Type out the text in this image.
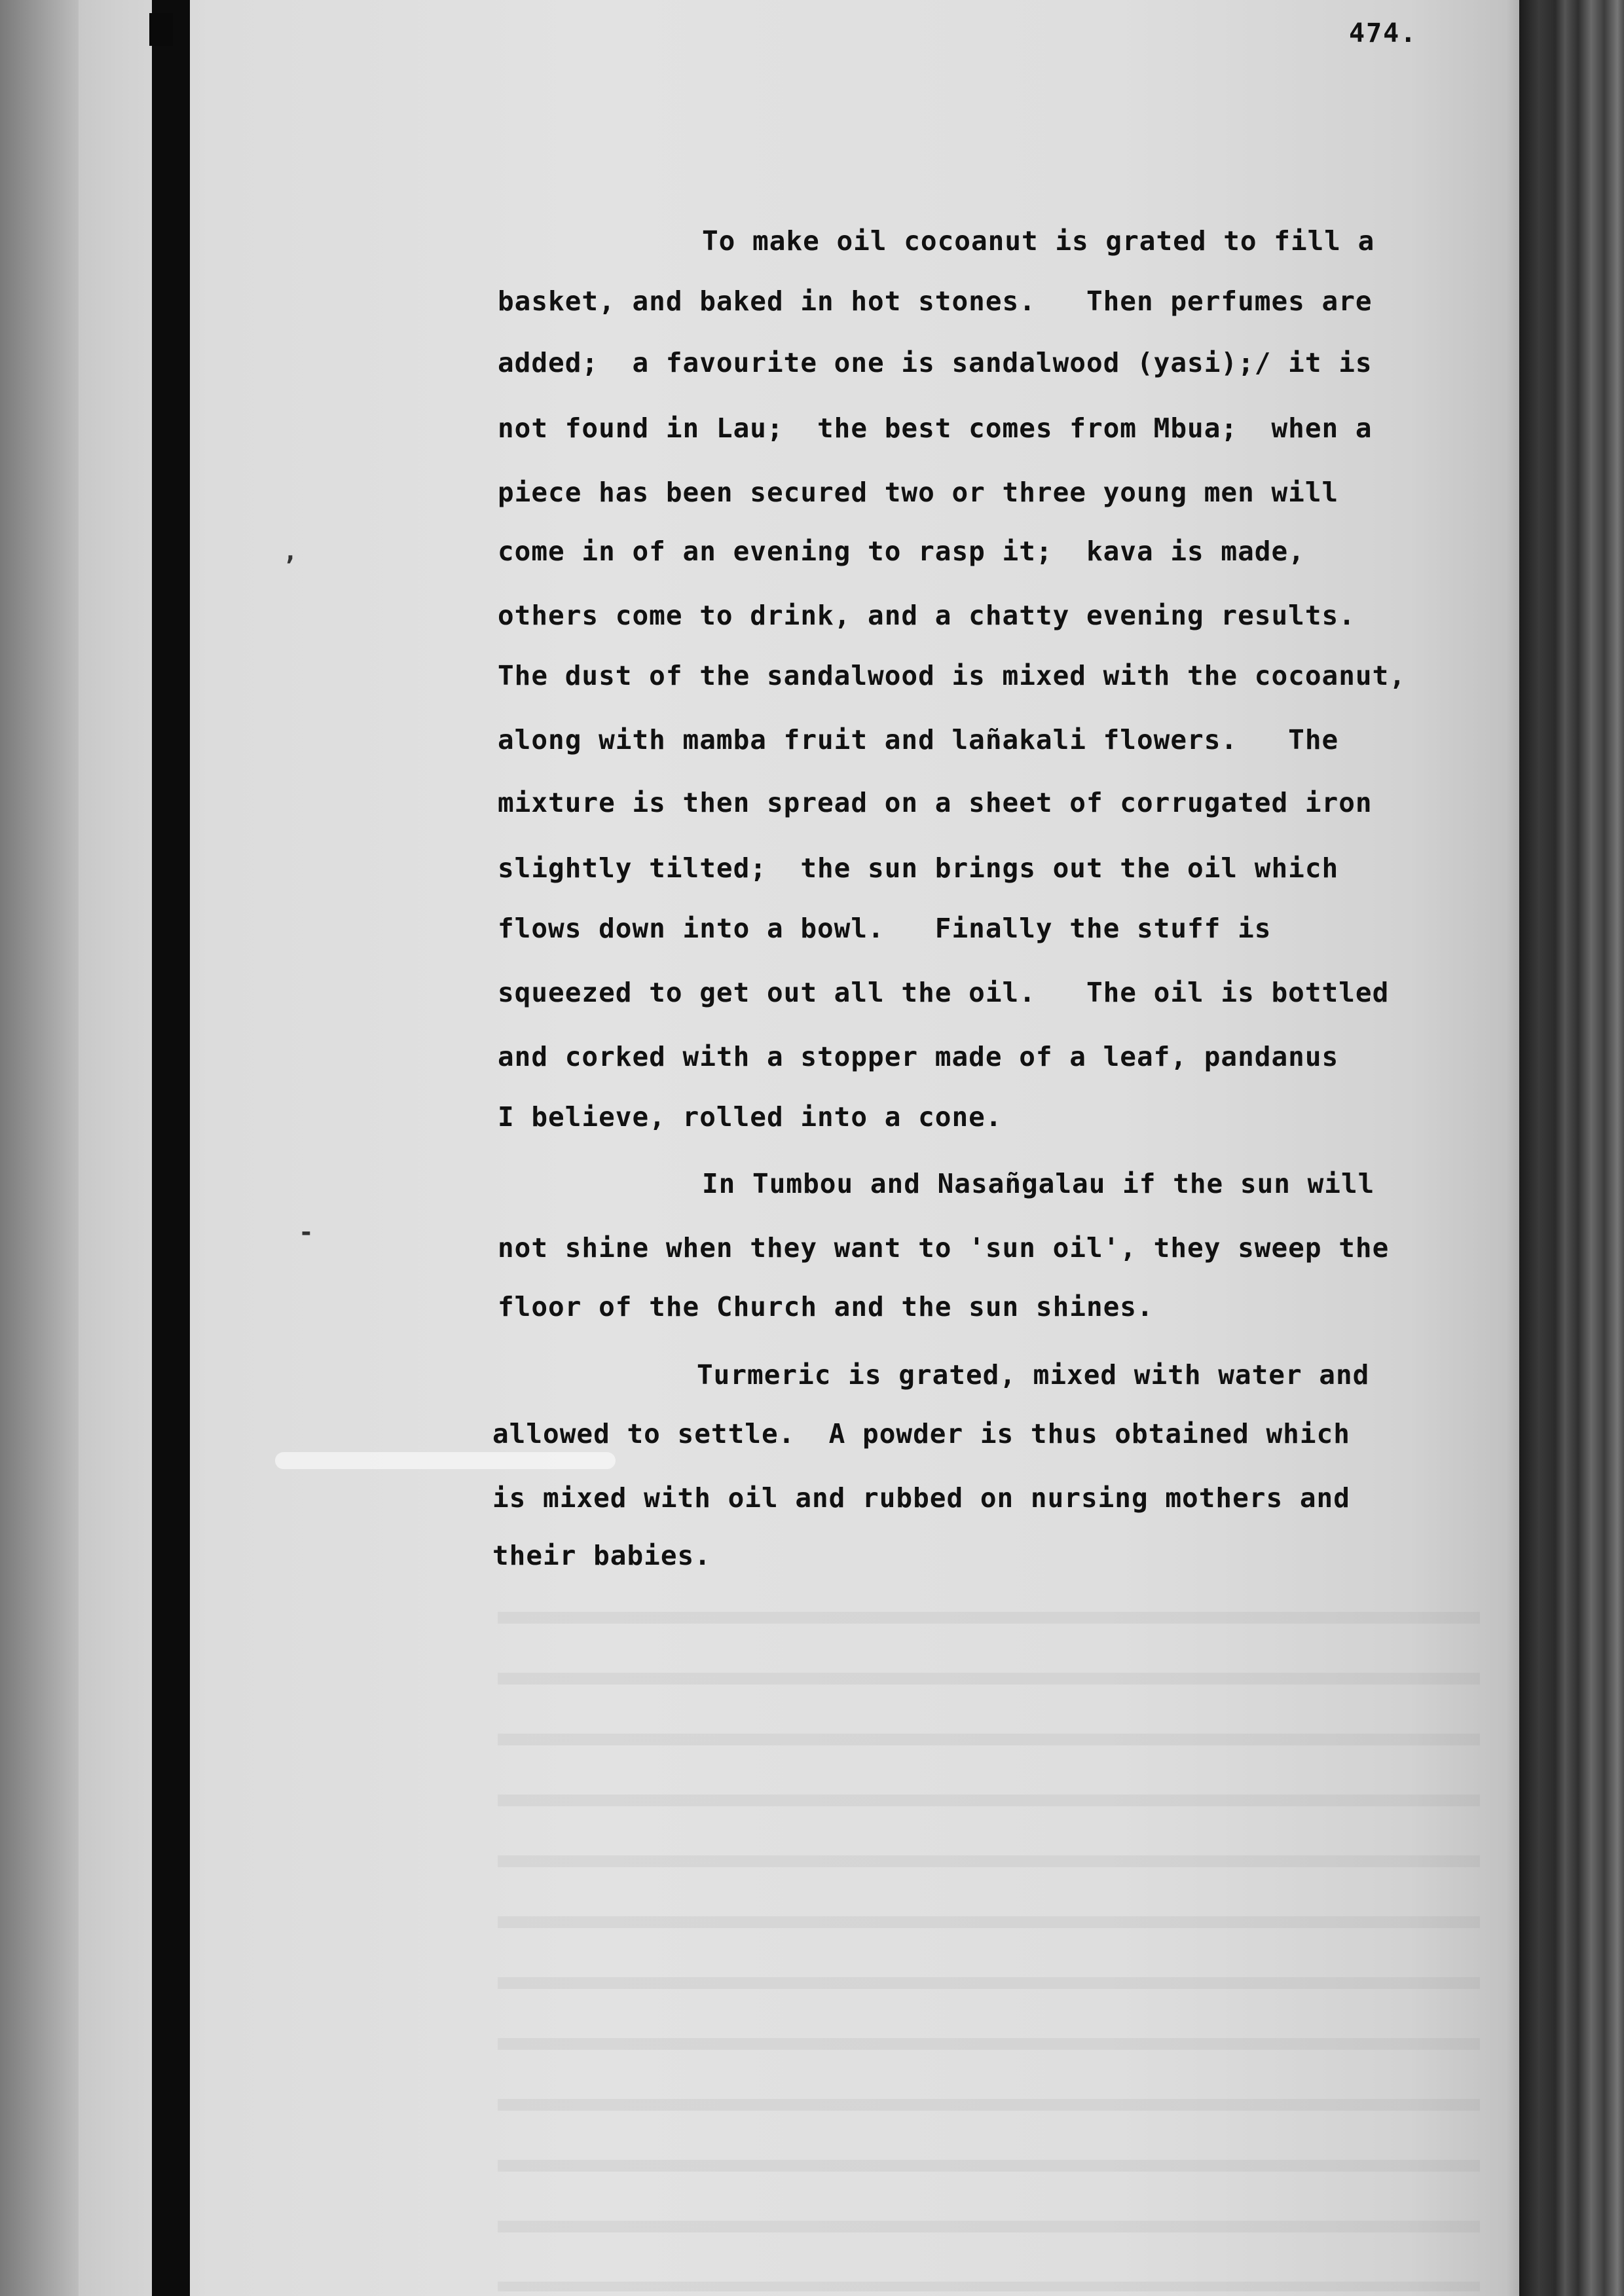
474.
,
-
To make oil cocoanut is grated to fill a
basket, and baked in hot stones.   Then perfumes are
added;  a favourite one is sandalwood (yasi);/ it is
not found in Lau;  the best comes from Mbua;  when a
piece has been secured two or three young men will
come in of an evening to rasp it;  kava is made,
others come to drink, and a chatty evening results.
The dust of the sandalwood is mixed with the cocoanut,
along with mamba fruit and lañakali flowers.   The
mixture is then spread on a sheet of corrugated iron
slightly tilted;  the sun brings out the oil which
flows down into a bowl.   Finally the stuff is
squeezed to get out all the oil.   The oil is bottled
and corked with a stopper made of a leaf, pandanus
I believe, rolled into a cone.
In Tumbou and Nasañgalau if the sun will
not shine when they want to 'sun oil', they sweep the
floor of the Church and the sun shines.
Turmeric is grated, mixed with water and
allowed to settle.  A powder is thus obtained which
is mixed with oil and rubbed on nursing mothers and
their babies.
